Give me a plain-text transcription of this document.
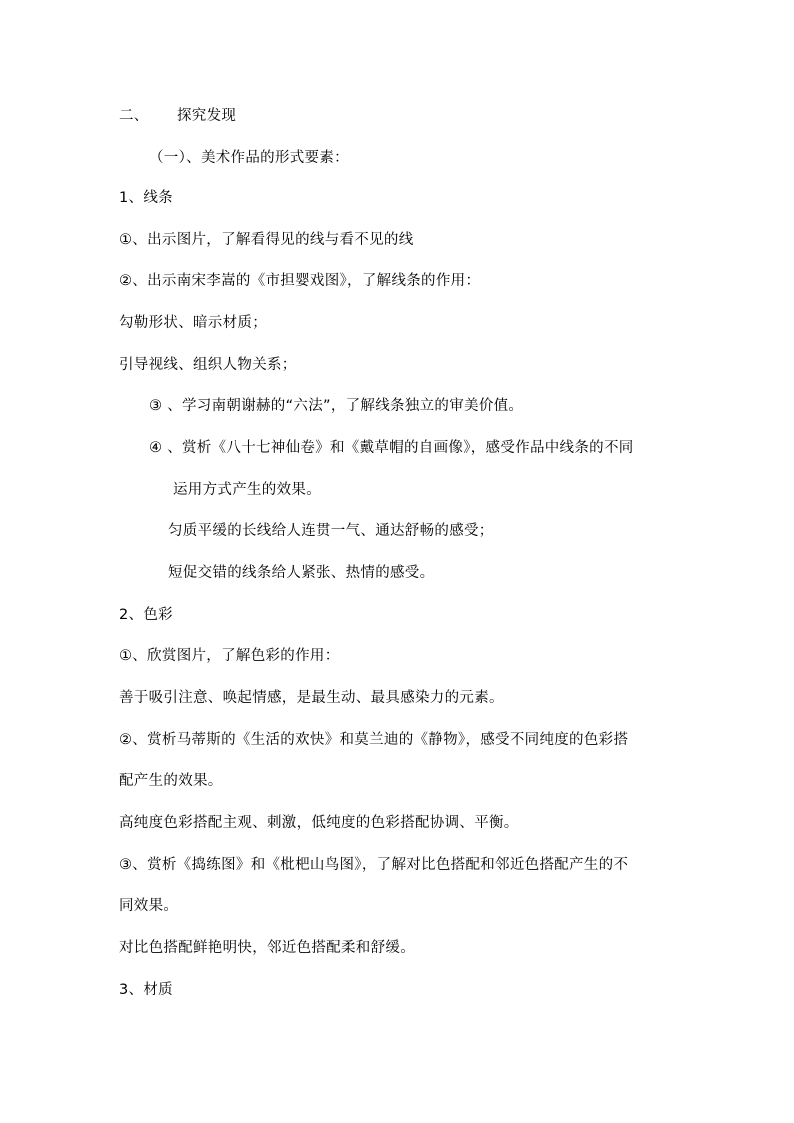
二、 探究发现
（一）、美术作品的形式要素：
1、线条
①、出示图片，了解看得见的线与看不见的线
②、出示南宋李嵩的《市担婴戏图》，了解线条的作用：
勾勒形状、暗示材质；
引导视线、组织人物关系；
③ 、学习南朝谢赫的“六法”，了解线条独立的审美价值。
④ 、赏析《八十七神仙卷》和《戴草帽的自画像》，感受作品中线条的不同
运用方式产生的效果。
匀质平缓的长线给人连贯一气、通达舒畅的感受；
短促交错的线条给人紧张、热情的感受。
2、色彩
①、欣赏图片，了解色彩的作用：
善于吸引注意、唤起情感，是最生动、最具感染力的元素。
②、赏析马蒂斯的《生活的欢快》和莫兰迪的《静物》，感受不同纯度的色彩搭
配产生的效果。
高纯度色彩搭配主观、刺激，低纯度的色彩搭配协调、平衡。
③、赏析《捣练图》和《枇杷山鸟图》，了解对比色搭配和邻近色搭配产生的不
同效果。
对比色搭配鲜艳明快，邻近色搭配柔和舒缓。
3、材质
